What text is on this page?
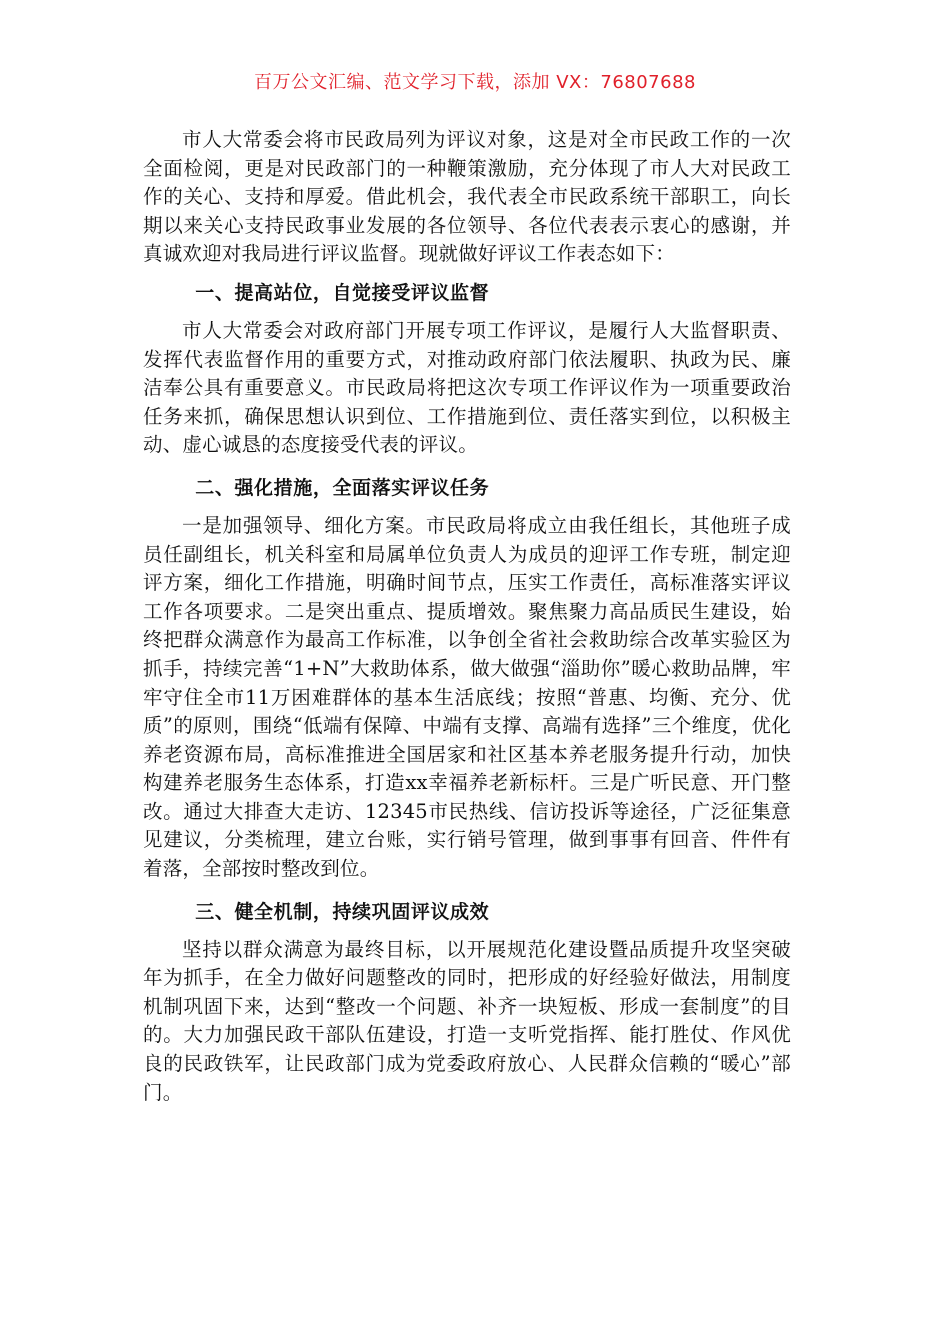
百万公文汇编、范文学习下载，添加 VX：76807688

市人大常委会将市民政局列为评议对象，这是对全市民政工作的一次全面检阅，更是对民政部门的一种鞭策激励，充分体现了市人大对民政工作的关心、支持和厚爱。借此机会，我代表全市民政系统干部职工，向长期以来关心支持民政事业发展的各位领导、各位代表表示衷心的感谢，并真诚欢迎对我局进行评议监督。现就做好评议工作表态如下：

一、提高站位，自觉接受评议监督

市人大常委会对政府部门开展专项工作评议，是履行人大监督职责、发挥代表监督作用的重要方式，对推动政府部门依法履职、执政为民、廉洁奉公具有重要意义。市民政局将把这次专项工作评议作为一项重要政治任务来抓，确保思想认识到位、工作措施到位、责任落实到位，以积极主动、虚心诚恳的态度接受代表的评议。

二、强化措施，全面落实评议任务

一是加强领导、细化方案。市民政局将成立由我任组长，其他班子成员任副组长，机关科室和局属单位负责人为成员的迎评工作专班，制定迎评方案，细化工作措施，明确时间节点，压实工作责任，高标准落实评议工作各项要求。二是突出重点、提质增效。聚焦聚力高品质民生建设，始终把群众满意作为最高工作标准，以争创全省社会救助综合改革实验区为抓手，持续完善“1+N”大救助体系，做大做强“淄助你”暖心救助品牌，牢牢守住全市11万困难群体的基本生活底线；按照“普惠、均衡、充分、优质”的原则，围绕“低端有保障、中端有支撑、高端有选择”三个维度，优化养老资源布局，高标准推进全国居家和社区基本养老服务提升行动，加快构建养老服务生态体系，打造xx幸福养老新标杆。三是广听民意、开门整改。通过大排查大走访、12345市民热线、信访投诉等途径，广泛征集意见建议，分类梳理，建立台账，实行销号管理，做到事事有回音、件件有着落，全部按时整改到位。

三、健全机制，持续巩固评议成效

坚持以群众满意为最终目标，以开展规范化建设暨品质提升攻坚突破年为抓手，在全力做好问题整改的同时，把形成的好经验好做法，用制度机制巩固下来，达到“整改一个问题、补齐一块短板、形成一套制度”的目的。大力加强民政干部队伍建设，打造一支听党指挥、能打胜仗、作风优良的民政铁军，让民政部门成为党委政府放心、人民群众信赖的“暖心”部门。
